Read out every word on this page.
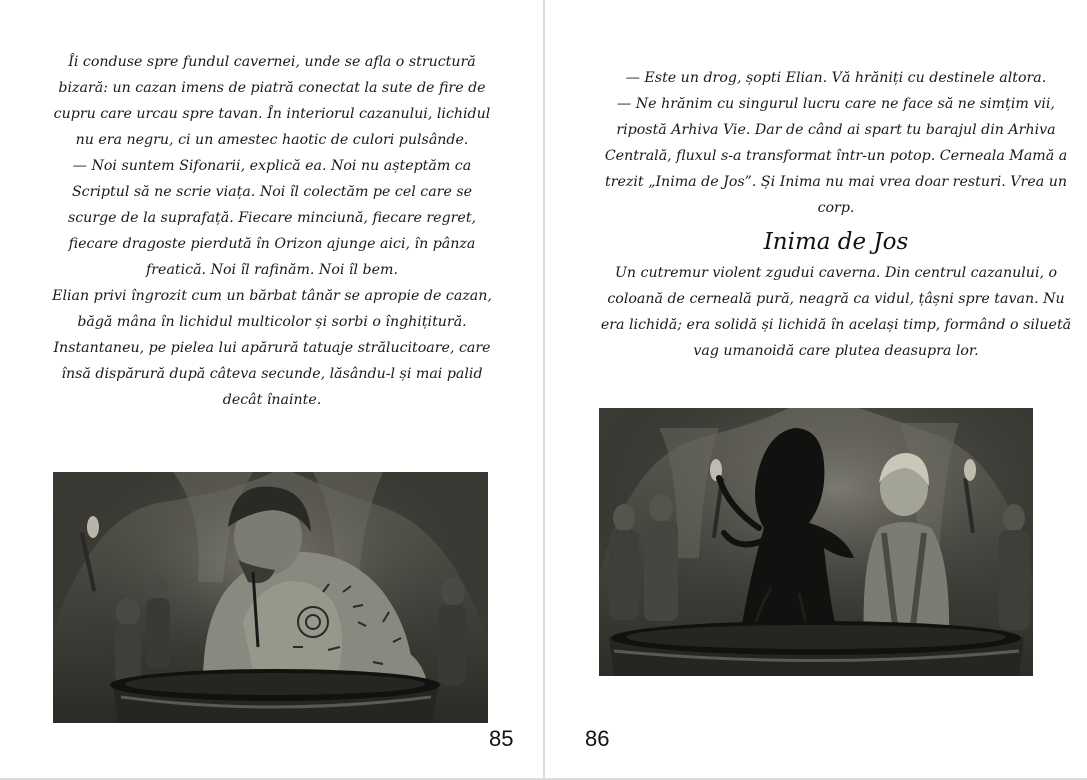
Îi conduse spre fundul cavernei, unde se afla o structură bizară: un cazan imens de piatră conectat la sute de fire de cupru care urcau spre tavan. În interiorul cazanului, lichidul nu era negru, ci un amestec haotic de culori pulsânde.

— Noi suntem Sifonarii, explică ea. Noi nu așteptăm ca Scriptul să ne scrie viața. Noi îl colectăm pe cel care se scurge de la suprafață. Fiecare minciună, fiecare regret, fiecare dragoste pierdută în Orizon ajunge aici, în pânza freatică. Noi îl rafinăm. Noi îl bem.

Elian privi îngrozit cum un bărbat tânăr se apropie de cazan, băgă mâna în lichidul multicolor și sorbi o înghițitură. Instantaneu, pe pielea lui apărură tatuaje strălucitoare, care însă dispărură după câteva secunde, lăsându-l și mai palid decât înainte.

85

— Este un drog, șopti Elian. Vă hrăniți cu destinele altora.

— Ne hrănim cu singurul lucru care ne face să ne simțim vii, ripostă Arhiva Vie. Dar de când ai spart tu barajul din Arhiva Centrală, fluxul s-a transformat într-un potop. Cerneala Mamă a trezit „Inima de Jos”. Și Inima nu mai vrea doar resturi. Vrea un corp.

Inima de Jos

Un cutremur violent zgudui caverna. Din centrul cazanului, o coloană de cerneală pură, neagră ca vidul, țâșni spre tavan. Nu era lichidă; era solidă și lichidă în același timp, formând o siluetă vag umanoidă care plutea deasupra lor.

86
